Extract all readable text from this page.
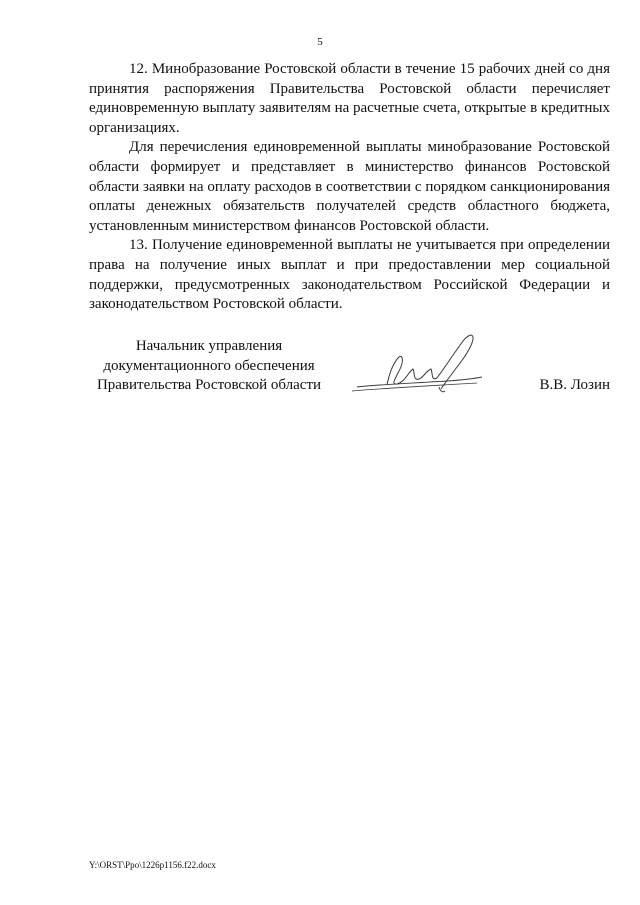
5

12. Минобразование Ростовской области в течение 15 рабочих дней со дня принятия распоряжения Правительства Ростовской области перечисляет единовременную выплату заявителям на расчетные счета, открытые в кредитных организациях.

Для перечисления единовременной выплаты минобразование Ростовской области формирует и представляет в министерство финансов Ростовской области заявки на оплату расходов в соответствии с порядком санкционирования оплаты денежных обязательств получателей средств областного бюджета, установленным министерством финансов Ростовской области.

13. Получение единовременной выплаты не учитывается при определении права на получение иных выплат и при предоставлении мер социальной поддержки, предусмотренных законодательством Российской Федерации и законодательством Ростовской области.

Начальник управления
документационного обеспечения
Правительства Ростовской области	В.В. Лозин
Y:\ORST\Ppo\1226p1156.f22.docx
